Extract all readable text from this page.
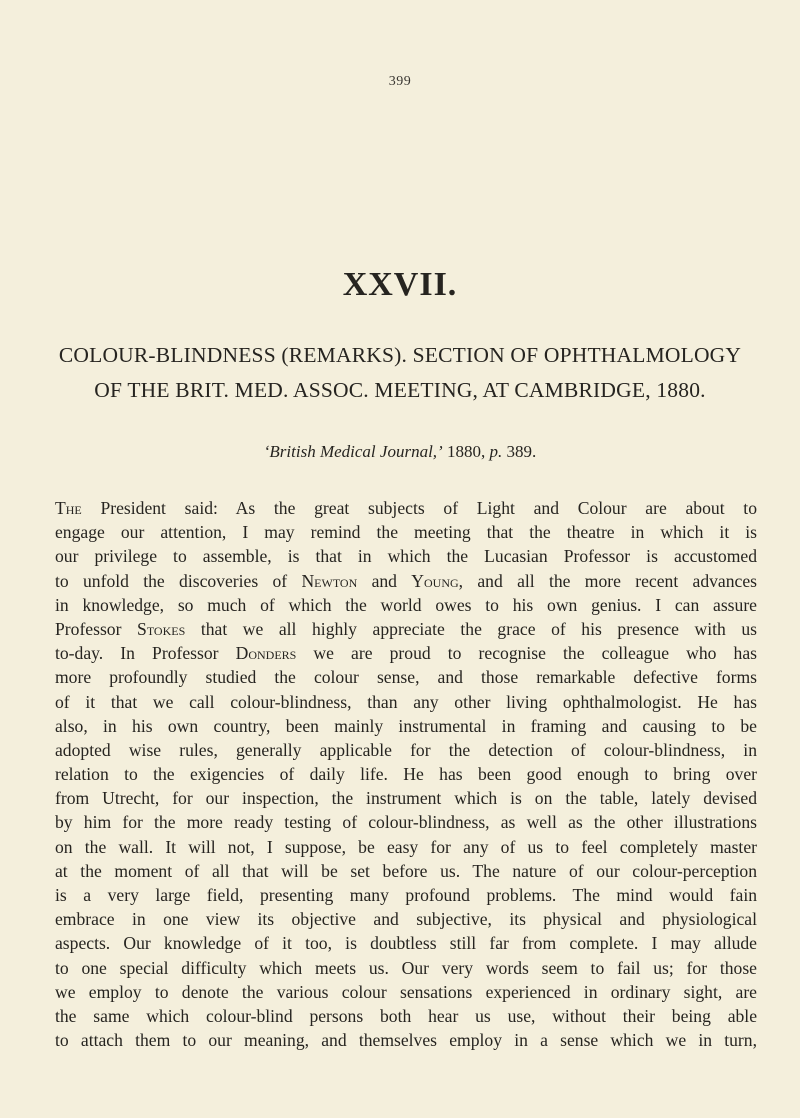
399
XXVII.
COLOUR-BLINDNESS (REMARKS). SECTION OF OPHTHALMOLOGY
OF THE BRIT. MED. ASSOC. MEETING, AT CAMBRIDGE, 1880.
‘British Medical Journal,’ 1880, p. 389.
The President said: As the great subjects of Light and Colour are about to
engage our attention, I may remind the meeting that the theatre in which it is
our privilege to assemble, is that in which the Lucasian Professor is accustomed
to unfold the discoveries of Newton and Young, and all the more recent advances
in knowledge, so much of which the world owes to his own genius. I can assure
Professor Stokes that we all highly appreciate the grace of his presence with us
to-day. In Professor Donders we are proud to recognise the colleague who has
more profoundly studied the colour sense, and those remarkable defective forms
of it that we call colour-blindness, than any other living ophthalmologist. He has
also, in his own country, been mainly instrumental in framing and causing to be
adopted wise rules, generally applicable for the detection of colour-blindness, in
relation to the exigencies of daily life. He has been good enough to bring over
from Utrecht, for our inspection, the instrument which is on the table, lately devised
by him for the more ready testing of colour-blindness, as well as the other illustrations
on the wall. It will not, I suppose, be easy for any of us to feel completely master
at the moment of all that will be set before us. The nature of our colour-perception
is a very large field, presenting many profound problems. The mind would fain
embrace in one view its objective and subjective, its physical and physiological
aspects. Our knowledge of it too, is doubtless still far from complete. I may allude
to one special difficulty which meets us. Our very words seem to fail us; for those
we employ to denote the various colour sensations experienced in ordinary sight, are
the same which colour-blind persons both hear us use, without their being able
to attach them to our meaning, and themselves employ in a sense which we in turn,
